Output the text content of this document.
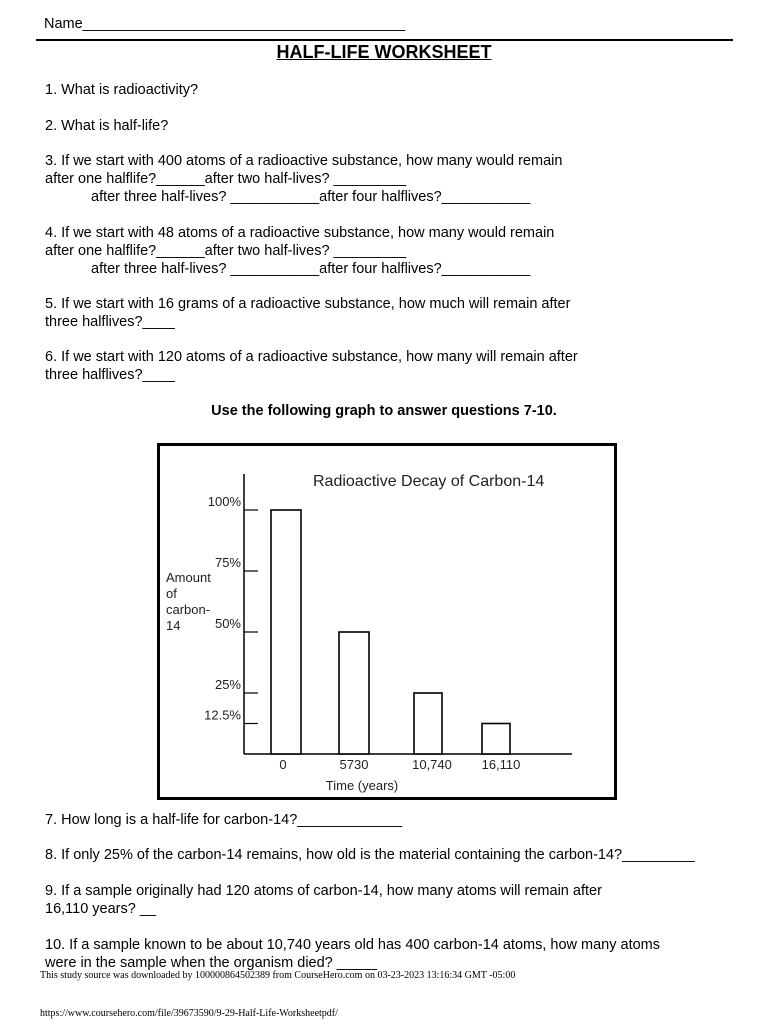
Name________________________________________
HALF-LIFE WORKSHEET
1. What is radioactivity?
2. What is half-life?
3. If we start with 400 atoms of a radioactive substance, how many would remain
after one halflife?______after two half-lives? _________
after three half-lives? ___________after four halflives?___________
4. If we start with 48 atoms of a radioactive substance, how many would remain
after one halflife?______after two half-lives? _________
after three half-lives? ___________after four halflives?___________
5. If we start with 16 grams of a radioactive substance, how much will remain after
three halflives?____
6. If we start with 120 atoms of a radioactive substance, how many will remain after
three halflives?____
Use the following graph to answer questions 7-10.
Radioactive Decay of Carbon-14
100%
75%
50%
25%
12.5%
Amount
of
carbon-
14
0	5730	10,740 16,110
Time (years)
7. How long is a half-life for carbon-14?_____________
8. If only 25% of the carbon-14 remains, how old is the material containing the carbon-14?_________
9. If a sample originally had 120 atoms of carbon-14, how many atoms will remain after
16,110 years? __
10. If a sample known to be about 10,740 years old has 400 carbon-14 atoms, how many atoms
were in the sample when the organism died? _____
This study source was downloaded by 100000864502389 from CourseHero.com on 03-23-2023 13:16:34 GMT -05:00
https://www.coursehero.com/file/39673590/9-29-Half-Life-Worksheetpdf/
